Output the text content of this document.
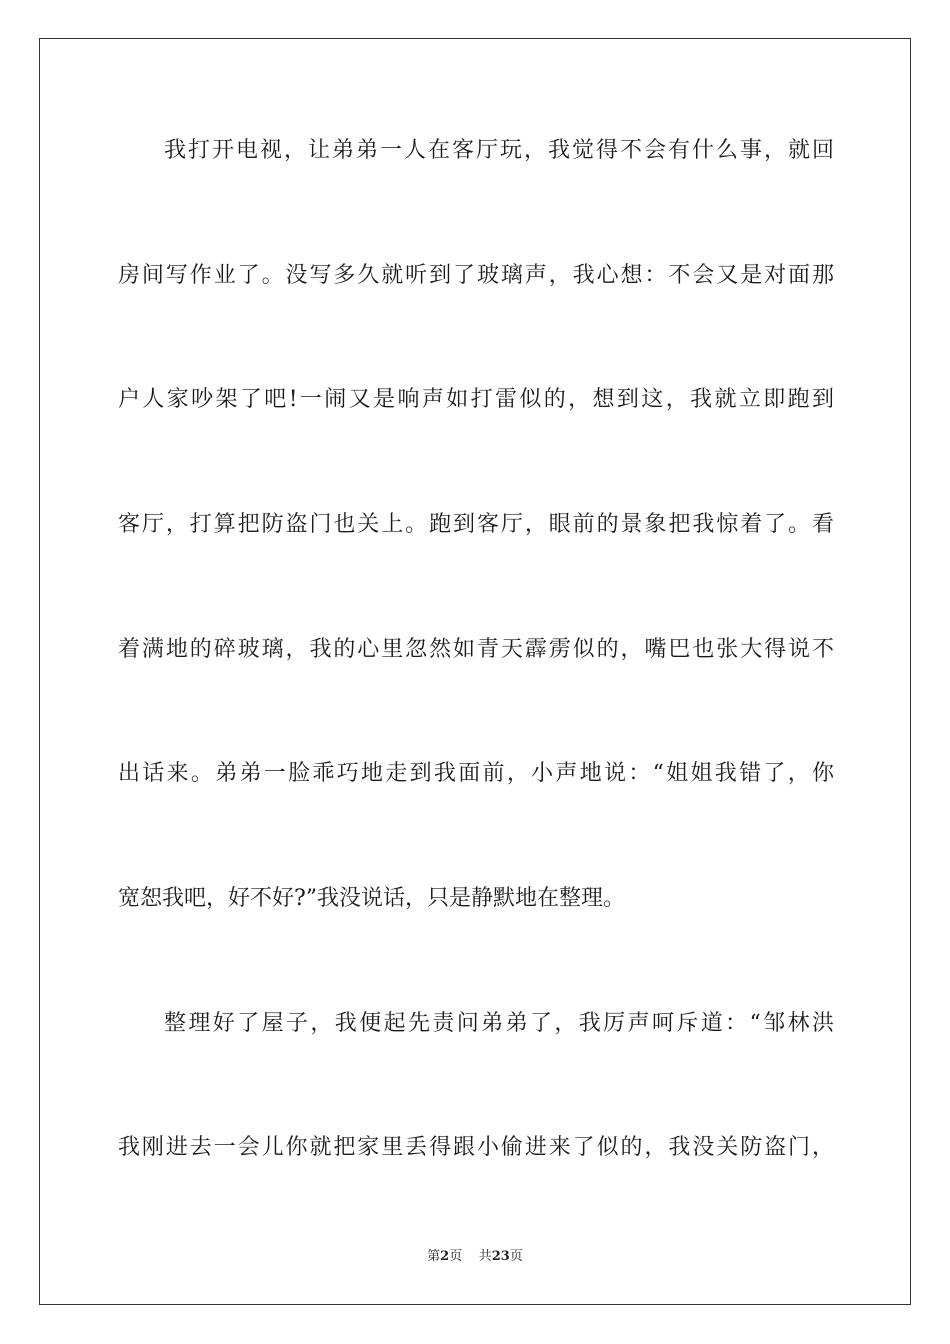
我打开电视，让弟弟一人在客厅玩，我觉得不会有什么事，就回
房间写作业了。没写多久就听到了玻璃声，我心想：不会又是对面那
户人家吵架了吧!一闹又是响声如打雷似的，想到这，我就立即跑到
客厅，打算把防盗门也关上。跑到客厅，眼前的景象把我惊着了。看
着满地的碎玻璃，我的心里忽然如青天霹雳似的，嘴巴也张大得说不
出话来。弟弟一脸乖巧地走到我面前，小声地说：“姐姐我错了，你
宽恕我吧，好不好?”我没说话，只是静默地在整理。
整理好了屋子，我便起先责问弟弟了，我厉声呵斥道：“邹林洪
我刚进去一会儿你就把家里丢得跟小偷进来了似的，我没关防盗门，
第2页 共23页
